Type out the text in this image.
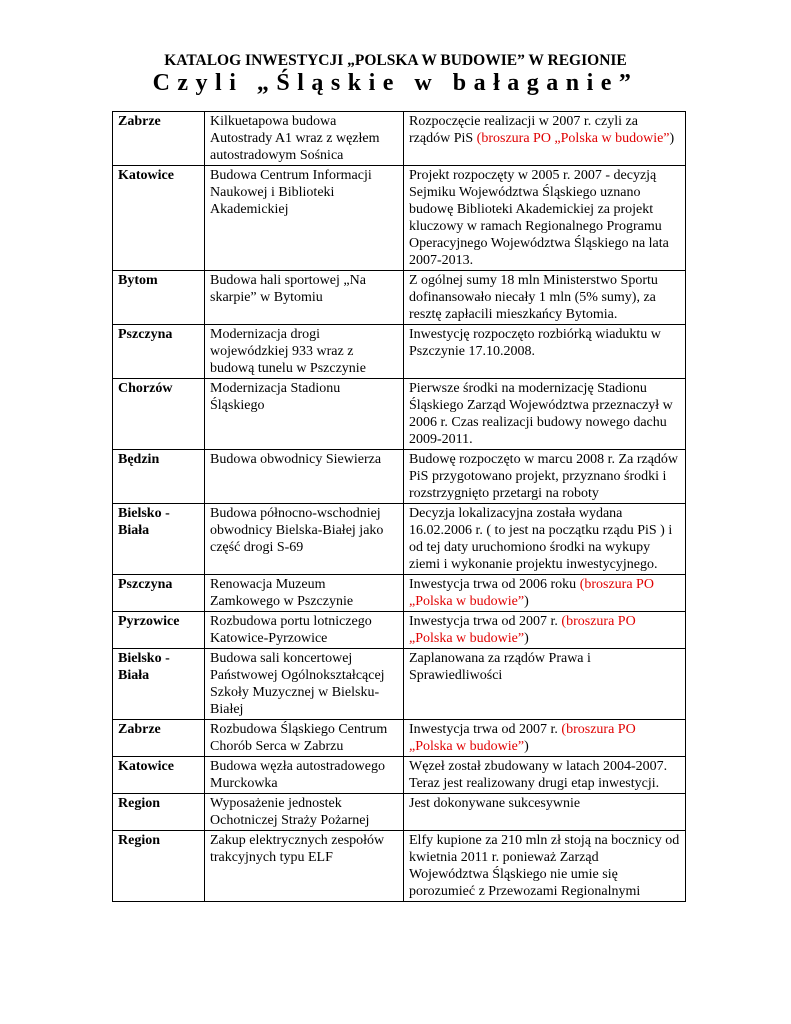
KATALOG INWESTYCJI „POLSKA W BUDOWIE” W REGIONIE
Czyli „Śląskie w bałaganie”
Zabrze	Kilkuetapowa budowa Autostrady A1 wraz z węzłem autostradowym Sośnica	Rozpoczęcie realizacji w 2007 r. czyli za rządów PiS (broszura PO „Polska w budowie”)
Katowice	Budowa Centrum Informacji Naukowej i Biblioteki Akademickiej	Projekt rozpoczęty w 2005 r. 2007 - decyzją Sejmiku Województwa Śląskiego uznano budowę Biblioteki Akademickiej za projekt kluczowy w ramach Regionalnego Programu Operacyjnego Województwa Śląskiego na lata 2007-2013.
Bytom	Budowa hali sportowej „Na skarpie” w Bytomiu	Z ogólnej sumy 18 mln Ministerstwo Sportu dofinansowało niecały 1 mln (5% sumy), za resztę zapłacili mieszkańcy Bytomia.
Pszczyna	Modernizacja drogi wojewódzkiej 933 wraz z budową tunelu w Pszczynie	Inwestycję rozpoczęto rozbiórką wiaduktu w Pszczynie 17.10.2008.
Chorzów	Modernizacja Stadionu Śląskiego	Pierwsze środki na modernizację Stadionu Śląskiego Zarząd Województwa przeznaczył w 2006 r. Czas realizacji budowy nowego dachu 2009-2011.
Będzin	Budowa obwodnicy Siewierza	Budowę rozpoczęto w marcu 2008 r. Za rządów PiS przygotowano projekt, przyznano środki i rozstrzygnięto przetargi na roboty
Bielsko - Biała	Budowa północno-wschodniej obwodnicy Bielska-Białej jako część drogi S-69	Decyzja lokalizacyjna została wydana 16.02.2006 r. ( to jest na początku rządu PiS ) i od tej daty uruchomiono środki na wykupy ziemi i wykonanie projektu inwestycyjnego.
Pszczyna	Renowacja Muzeum Zamkowego w Pszczynie	Inwestycja trwa od 2006 roku (broszura PO „Polska w budowie”)
Pyrzowice	Rozbudowa portu lotniczego Katowice-Pyrzowice	Inwestycja trwa od 2007 r. (broszura PO „Polska w budowie”)
Bielsko - Biała	Budowa sali koncertowej Państwowej Ogólnokształcącej Szkoły Muzycznej w Bielsku-Białej	Zaplanowana za rządów Prawa i Sprawiedliwości
Zabrze	Rozbudowa Śląskiego Centrum Chorób Serca w Zabrzu	Inwestycja trwa od 2007 r. (broszura PO „Polska w budowie”)
Katowice	Budowa węzła autostradowego Murckowka	Węzeł został zbudowany w latach 2004-2007. Teraz jest realizowany drugi etap inwestycji.
Region	Wyposażenie jednostek Ochotniczej Straży Pożarnej	Jest dokonywane sukcesywnie
Region	Zakup elektrycznych zespołów trakcyjnych typu ELF	Elfy kupione za 210 mln zł stoją na bocznicy od kwietnia 2011 r. ponieważ Zarząd Województwa Śląskiego nie umie się porozumieć z Przewozami Regionalnymi
